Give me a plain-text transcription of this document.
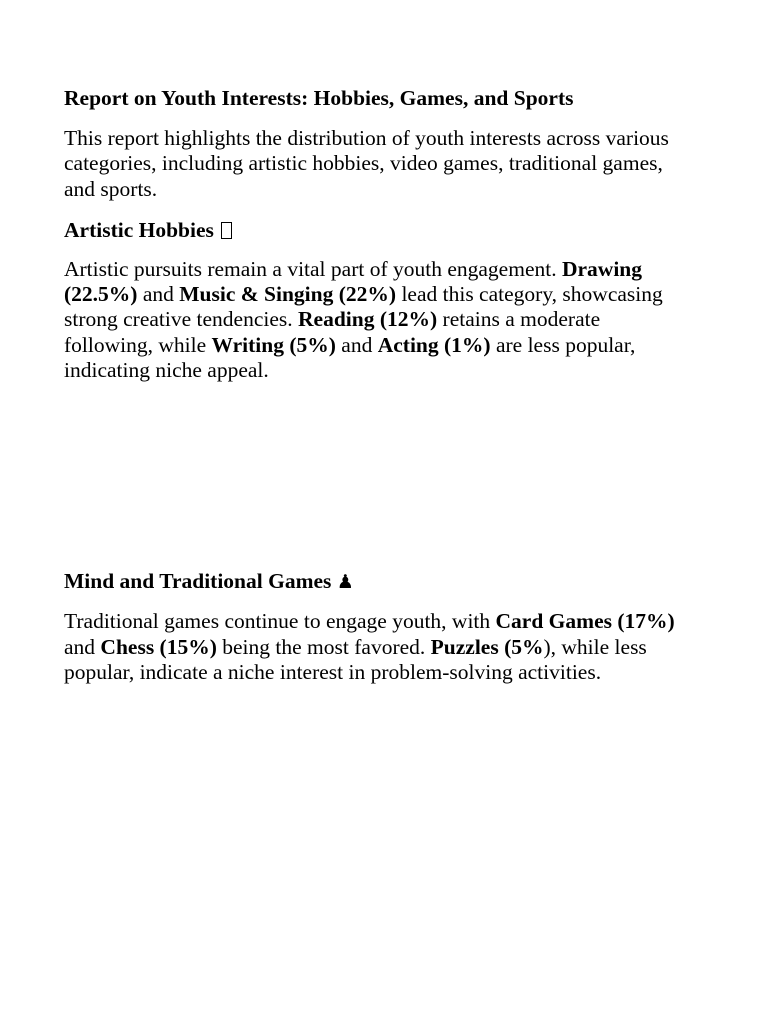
Report on Youth Interests: Hobbies, Games, and Sports

This report highlights the distribution of youth interests across various categories, including artistic hobbies, video games, traditional games, and sports.

Artistic Hobbies

Artistic pursuits remain a vital part of youth engagement. Drawing (22.5%) and Music & Singing (22%) lead this category, showcasing strong creative tendencies. Reading (12%) retains a moderate following, while Writing (5%) and Acting (1%) are less popular, indicating niche appeal.

Mind and Traditional Games ♟

Traditional games continue to engage youth, with Card Games (17%) and Chess (15%) being the most favored. Puzzles (5%), while less popular, indicate a niche interest in problem-solving activities.
